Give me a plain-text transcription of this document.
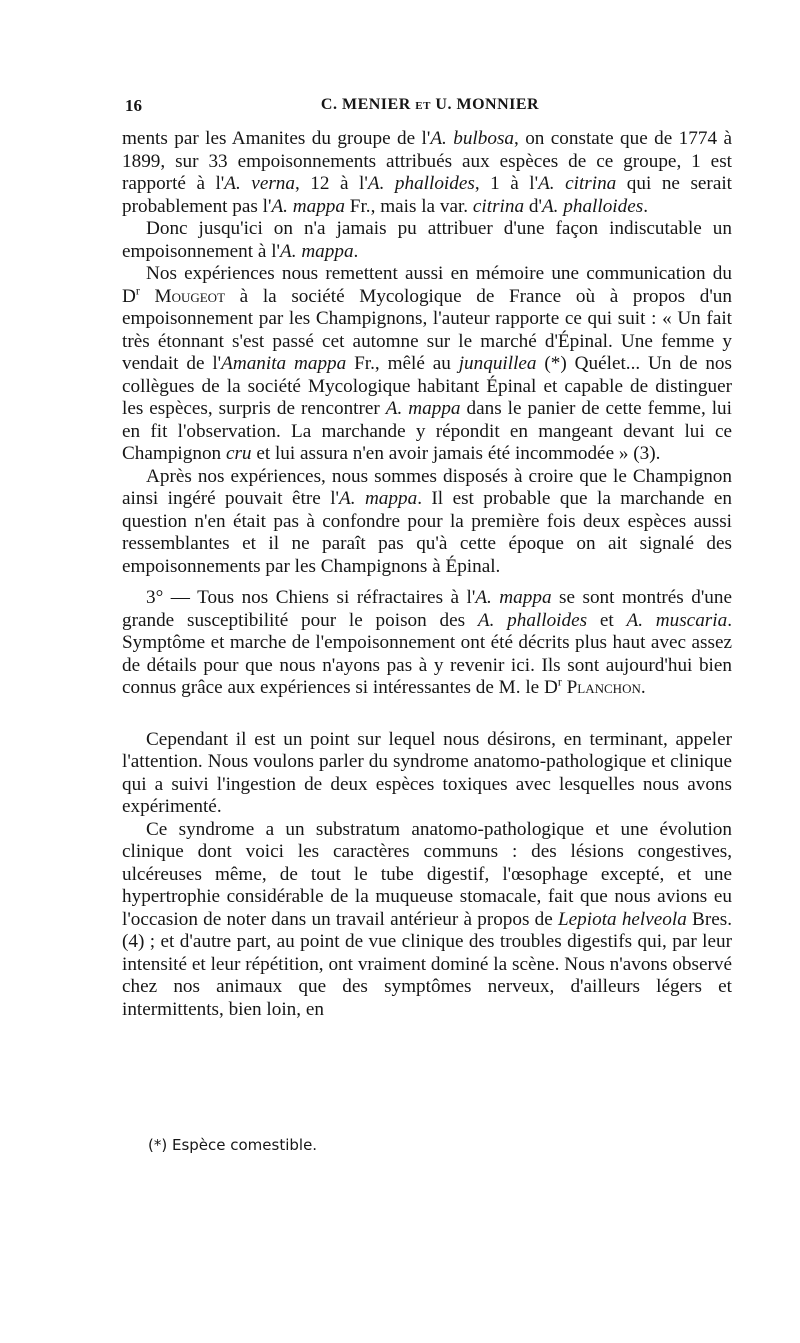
16	C. MENIER et U. MONNIER

ments par les Amanites du groupe de l'A. bulbosa, on constate que de 1774 à 1899, sur 33 empoisonnements attribués aux espèces de ce groupe, 1 est rapporté à l'A. verna, 12 à l'A. phalloides, 1 à l'A. citrina qui ne serait probablement pas l'A. mappa Fr., mais la var. citrina d'A. phalloides.

Donc jusqu'ici on n'a jamais pu attribuer d'une façon indiscutable un empoisonnement à l'A. mappa.

Nos expériences nous remettent aussi en mémoire une communication du $D^r$ Mougeot à la société Mycologique de France où à propos d'un empoisonnement par les Champignons, l'auteur rapporte ce qui suit : « Un fait très étonnant s'est passé cet automne sur le marché d'Épinal. Une femme y vendait de l'Amanita mappa Fr., mêlé au junquillea (*) Quélet... Un de nos collègues de la société Mycologique habitant Épinal et capable de distinguer les espèces, surpris de rencontrer A. mappa dans le panier de cette femme, lui en fit l'observation. La marchande y répondit en mangeant devant lui ce Champignon cru et lui assura n'en avoir jamais été incommodée » (3).

Après nos expériences, nous sommes disposés à croire que le Champignon ainsi ingéré pouvait être l'A. mappa. Il est probable que la marchande en question n'en était pas à confondre pour la première fois deux espèces aussi ressemblantes et il ne paraît pas qu'à cette époque on ait signalé des empoisonnements par les Champignons à Épinal.

3° — Tous nos Chiens si réfractaires à l'A. mappa se sont montrés d'une grande susceptibilité pour le poison des A. phalloides et A. muscaria. Symptôme et marche de l'empoisonnement ont été décrits plus haut avec assez de détails pour que nous n'ayons pas à y revenir ici. Ils sont aujourd'hui bien connus grâce aux expériences si intéressantes de M. le $D^r$ Planchon.

Cependant il est un point sur lequel nous désirons, en terminant, appeler l'attention. Nous voulons parler du syndrome anatomo-pathologique et clinique qui a suivi l'ingestion de deux espèces toxiques avec lesquelles nous avons expérimenté.

Ce syndrome a un substratum anatomo-pathologique et une évolution clinique dont voici les caractères communs : des lésions congestives, ulcéreuses même, de tout le tube digestif, l'œsophage excepté, et une hypertrophie considérable de la muqueuse stomacale, fait que nous avions eu l'occasion de noter dans un travail antérieur à propos de Lepiota helveola Bres. (4) ; et d'autre part, au point de vue clinique des troubles digestifs qui, par leur intensité et leur répétition, ont vraiment dominé la scène. Nous n'avons observé chez nos animaux que des symptômes nerveux, d'ailleurs légers et intermittents, bien loin, en

(*) Espèce comestible.
